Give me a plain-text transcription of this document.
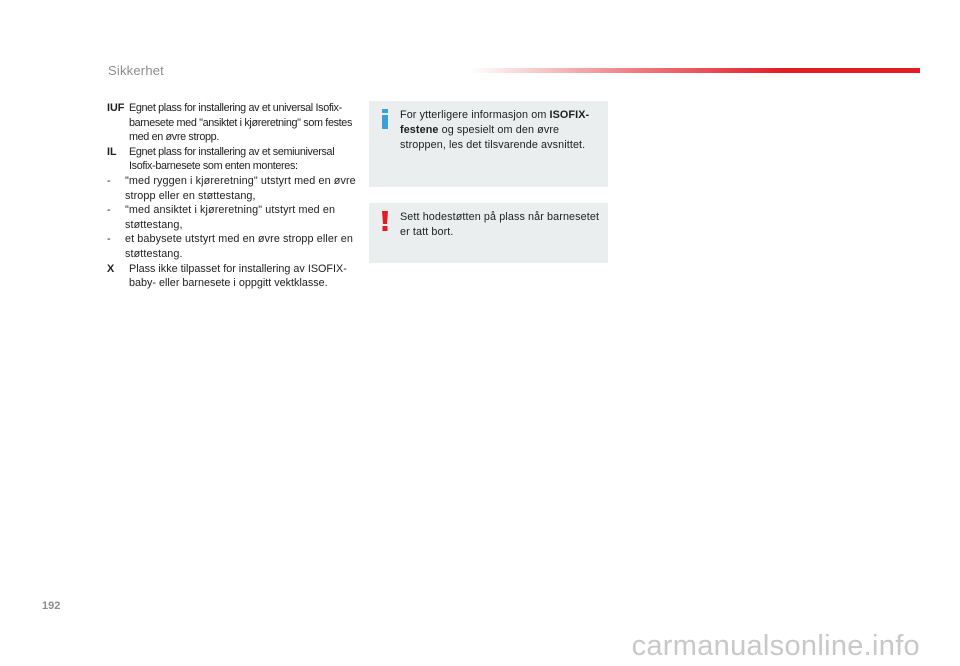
Sikkerhet
IUF Egnet plass for installering av et universal Isofix-barnesete med "ansiktet i kjøreretning" som festes med en øvre stropp.
IL	Egnet plass for installering av et semiuniversal Isofix-barnesete som enten monteres:
-	"med ryggen i kjøreretning" utstyrt med en øvre stropp eller en støttestang,
-	"med ansiktet i kjøreretning" utstyrt med en støttestang,
-	et babysete utstyrt med en øvre stropp eller en støttestang.
X	Plass ikke tilpasset for installering av ISOFIX-baby- eller barnesete i oppgitt vektklasse.
For ytterligere informasjon om ISOFIX-festene og spesielt om den øvre stroppen, les det tilsvarende avsnittet.
Sett hodestøtten på plass når barnesetet er tatt bort.
192
carmanualsonline.info
